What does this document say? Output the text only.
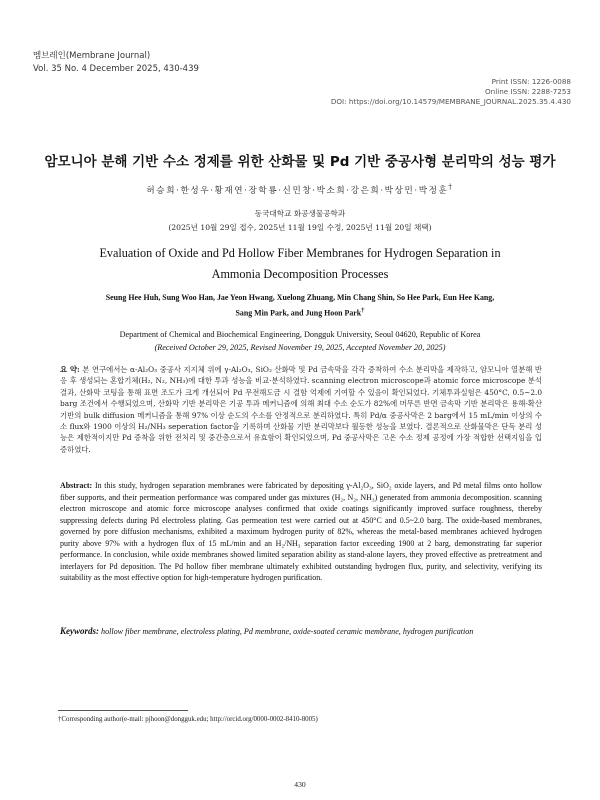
멤브레인(Membrane Journal)
Vol. 35 No. 4 December 2025, 430-439
Print ISSN: 1226-0088
Online ISSN: 2288-7253
DOI: https://doi.org/10.14579/MEMBRANE_JOURNAL.2025.35.4.430
암모니아 분해 기반 수소 정제를 위한 산화물 및 Pd 기반 중공사형 분리막의 성능 평가
허승희·한성우·황재연·장학룡·신민창·박소희·강은희·박상민·박정훈†
동국대학교 화공생물공학과
(2025년 10월 29일 접수, 2025년 11월 19일 수정, 2025년 11월 20일 채택)
Evaluation of Oxide and Pd Hollow Fiber Membranes for Hydrogen Separation in
Ammonia Decomposition Processes
Seung Hee Huh, Sung Woo Han, Jae Yeon Hwang, Xuelong Zhuang, Min Chang Shin, So Hee Park, Eun Hee Kang,
Sang Min Park, and Jung Hoon Park†
Department of Chemical and Biochemical Engineering, Dongguk University, Seoul 04620, Republic of Korea
(Received October 29, 2025, Revised November 19, 2025, Accepted November 20, 2025)

요 약: 본 연구에서는 α-Al₂O₃ 중공사 지지체 위에 γ-Al₂O₃, SiO₂ 산화막 및 Pd 금속막을 각각 증착하여 수소 분리막을 제작하고, 암모니아 열분해 반응 후 생성되는 혼합기체(H₂, N₂, NH₃)에 대한 투과 성능을 비교·분석하였다. scanning electron microscope과 atomic force microscope 분석 결과, 산화막 코팅을 통해 표면 조도가 크게 개선되어 Pd 무전해도금 시 결함 억제에 기여할 수 있음이 확인되었다. 기체투과실험은 450°C, 0.5~2.0 barg 조건에서 수행되었으며, 산화막 기반 분리막은 기공 투과 메커니즘에 의해 최대 수소 순도가 82%에 머무른 반면 금속막 기반 분리막은 용해-확산 기반의 bulk diffusion 메커니즘을 통해 97% 이상 순도의 수소를 안정적으로 분리하였다. 특히 Pd/α 중공사막은 2 barg에서 15 mL/min 이상의 수소 flux와 1900 이상의 H₂/NH₃ seperation factor을 기록하며 산화물 기반 분리막보다 월등한 성능을 보였다. 결론적으로 산화물막은 단독 분리 성능은 제한적이지만 Pd 증착을 위한 전처리 및 중간층으로서 유효함이 확인되었으며, Pd 중공사막은 고온 수소 정제 공정에 가장 적합한 선택지임을 입증하였다.

Abstract: In this study, hydrogen separation membranes were fabricated by depositing γ-Al₂O₃, SiO₂ oxide layers, and Pd metal films onto hollow fiber supports, and their permeation performance was compared under gas mixtures (H₂, N₂, NH₃) generated from ammonia decomposition. scanning electron microscope and atomic force microscope analyses confirmed that oxide coatings significantly improved surface roughness, thereby suppressing defects during Pd electroless plating. Gas permeation test were carried out at 450°C and 0.5~2.0 barg. The oxide-based membranes, governed by pore diffusion mechanisms, exhibited a maximum hydrogen purity of 82%, whereas the metal-based membranes achieved hydrogen purity above 97% with a hydrogen flux of 15 mL/min and an H₂/NH₃ separation factor exceeding 1900 at 2 barg, demonstrating far superior performance. In conclusion, while oxide membranes showed limited separation ability as stand-alone layers, they proved effective as pretreatment and interlayers for Pd deposition. The Pd hollow fiber membrane ultimately exhibited outstanding hydrogen flux, purity, and selectivity, verifying its suitability as the most effective option for high-temperature hydrogen purification.

Keywords: hollow fiber membrane, electroless plating, Pd membrane, oxide-soated ceramic membrane, hydrogen purification
†Corresponding author(e-mail: pjhoon@dongguk.edu; http://orcid.org/0000-0002-8410-8005)
430
